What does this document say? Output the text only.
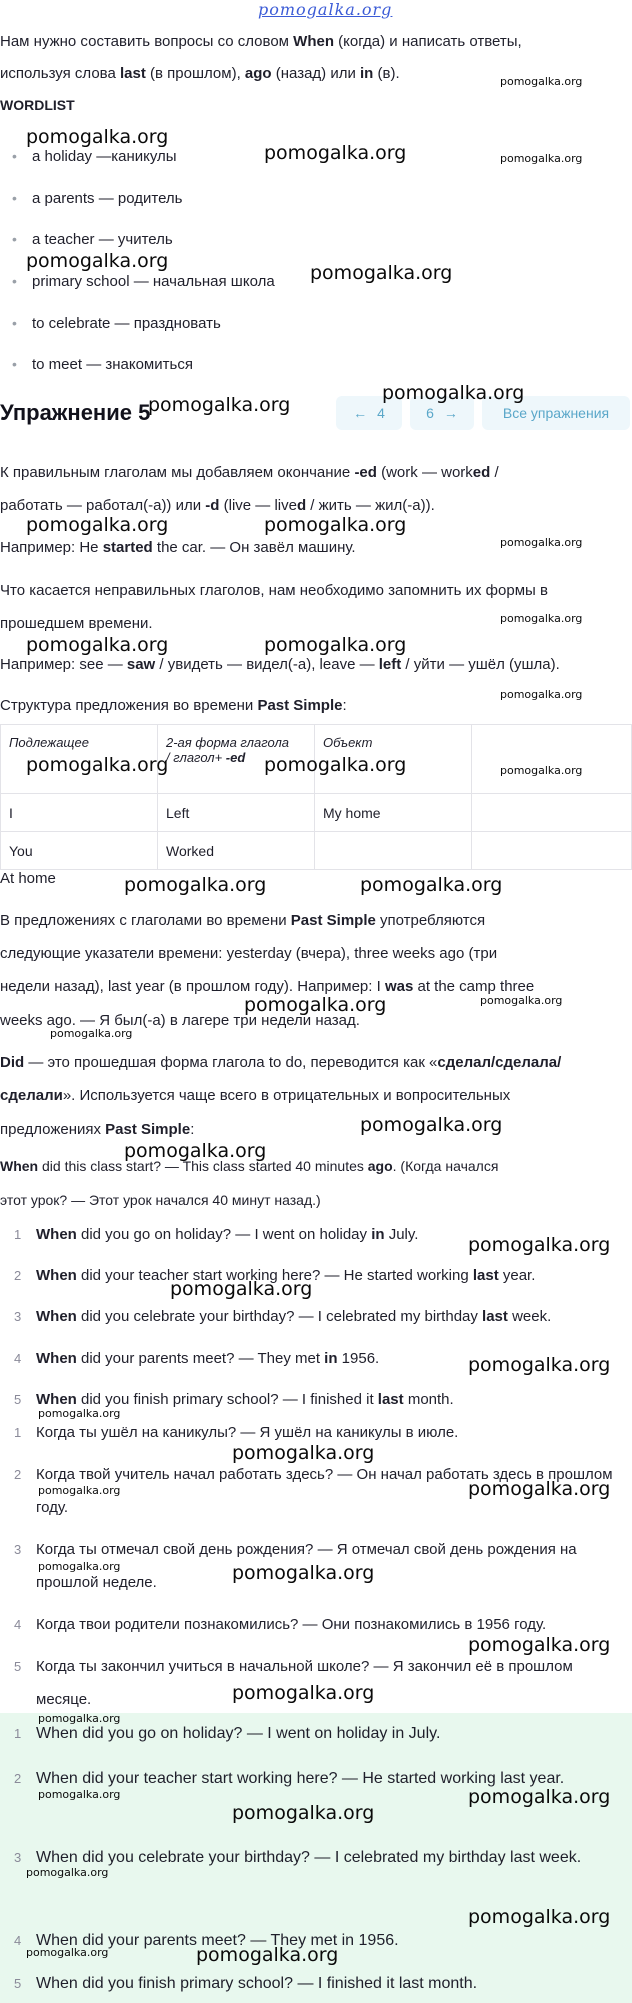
pomogalka.org
Нам нужно составить вопросы со словом When (когда) и написать ответы,
используя слова last (в прошлом), ago (назад) или in (в).
WORDLIST
• a holiday —каникулы
• a parents — родитель
• a teacher — учитель
• primary school — начальная школа
• to celebrate — праздновать
• to meet — знакомиться
Упражнение 5	← 4	6 →	Все упражнения
К правильным глаголам мы добавляем окончание -ed (work — worked /
работать — работал(-а)) или -d (live — lived / жить — жил(-а)).
Например: Не started the car. — Он завёл машину.
Что касается неправильных глаголов, нам необходимо запомнить их формы в
прошедшем времени.
Например: see — saw / увидеть — видел(-а), leave — left / уйти — ушёл (ушла).
Структура предложения во времени Past Simple:
Подлежащее	2-ая форма глагола
/ глагол+ -ed	Объект	
I	Left	My home	
You	Worked		
At home
В предложениях с глаголами во времени Past Simple употребляются
следующие указатели времени: yesterday (вчера), three weeks ago (три
недели назад), last year (в прошлом году). Например: I was at the camp three
weeks ago. — Я был(-а) в лагере три недели назад.
Did — это прошедшая форма глагола to do, переводится как «сделал/сделала/
сделали». Используется чаще всего в отрицательных и вопросительных
предложениях Past Simple:
When did this class start? — This class started 40 minutes ago. (Когда начался
этот урок? — Этот урок начался 40 минут назад.)
1 When did you go on holiday? — I went on holiday in July.
2 When did your teacher start working here? — He started working last year.
3 When did you celebrate your birthday? — I celebrated my birthday last week.
4 When did your parents meet? — They met in 1956.
5 When did you finish primary school? — I finished it last month.
1 Когда ты ушёл на каникулы? — Я ушёл на каникулы в июле.
2 Когда твой учитель начал работать здесь? — Он начал работать здесь в прошлом году.
3 Когда ты отмечал свой день рождения? — Я отмечал свой день рождения на прошлой неделе.
4 Когда твои родители познакомились? — Они познакомились в 1956 году.
5 Когда ты закончил учиться в начальной школе? — Я закончил её в прошлом месяце.
1 When did you go on holiday? — I went on holiday in July.
2 When did your teacher start working here? — He started working last year.
3 When did you celebrate your birthday? — I celebrated my birthday last week.
4 When did your parents meet? — They met in 1956.
5 When did you finish primary school? — I finished it last month.
pomogalka.org
pomogalka.org
pomogalka.org	pomogalka.org
pomogalka.org
pomogalka.org
pomogalka.org
pomogalka.org
pomogalka.org	pomogalka.org
pomogalka.org
pomogalka.org
pomogalka.org	pomogalka.org
pomogalka.org
pomogalka.org	pomogalka.org	pomogalka.org
pomogalka.org	pomogalka.org
pomogalka.org	pomogalka.org
pomogalka.org
pomogalka.org
pomogalka.org
pomogalka.org
pomogalka.org
pomogalka.org
pomogalka.org
pomogalka.org
pomogalka.org	pomogalka.org
pomogalka.org	pomogalka.org
pomogalka.org
pomogalka.org
pomogalka.org
pomogalka.org	pomogalka.org
pomogalka.org
pomogalka.org
pomogalka.org
pomogalka.org	pomogalka.org
